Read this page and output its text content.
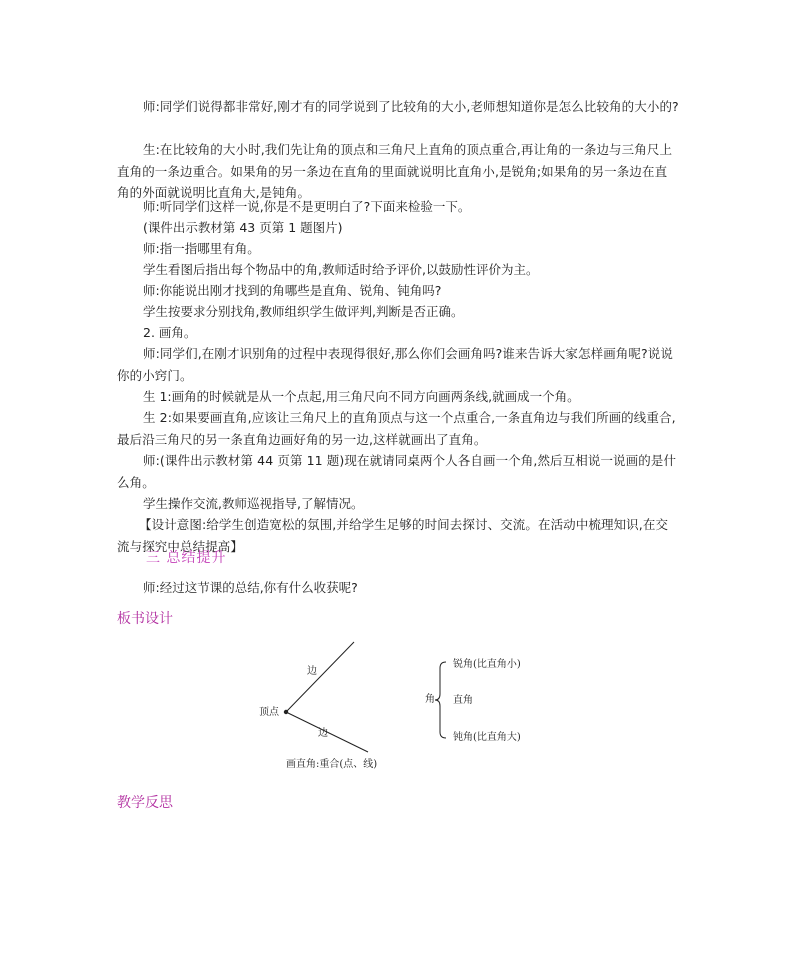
师:同学们说得都非常好,刚才有的同学说到了比较角的大小,老师想知道你是怎么比较角的大小的?

生:在比较角的大小时,我们先让角的顶点和三角尺上直角的顶点重合,再让角的一条边与三角尺上直角的一条边重合。如果角的另一条边在直角的里面就说明比直角小,是锐角;如果角的另一条边在直角的外面就说明比直角大,是钝角。

师:听同学们这样一说,你是不是更明白了?下面来检验一下。

(课件出示教材第 43 页第 1 题图片)

师:指一指哪里有角。

学生看图后指出每个物品中的角,教师适时给予评价,以鼓励性评价为主。

师:你能说出刚才找到的角哪些是直角、锐角、钝角吗?

学生按要求分别找角,教师组织学生做评判,判断是否正确。

2. 画角。

师:同学们,在刚才识别角的过程中表现得很好,那么你们会画角吗?谁来告诉大家怎样画角呢?说说你的小窍门。

生 1:画角的时候就是从一个点起,用三角尺向不同方向画两条线,就画成一个角。

生 2:如果要画直角,应该让三角尺上的直角顶点与这一个点重合,一条直角边与我们所画的线重合,最后沿三角尺的另一条直角边画好角的另一边,这样就画出了直角。

师:(课件出示教材第 44 页第 11 题)现在就请同桌两个人各自画一个角,然后互相说一说画的是什么角。

学生操作交流,教师巡视指导,了解情况。

【设计意图:给学生创造宽松的氛围,并给学生足够的时间去探讨、交流。在活动中梳理知识,在交流与探究中总结提高】

三 总结提升

师:经过这节课的总结,你有什么收获呢?

板书设计

边
边
顶点
角
锐角(比直角小)
直角
钝角(比直角大)
画直角:重合(点、线)

教学反思
